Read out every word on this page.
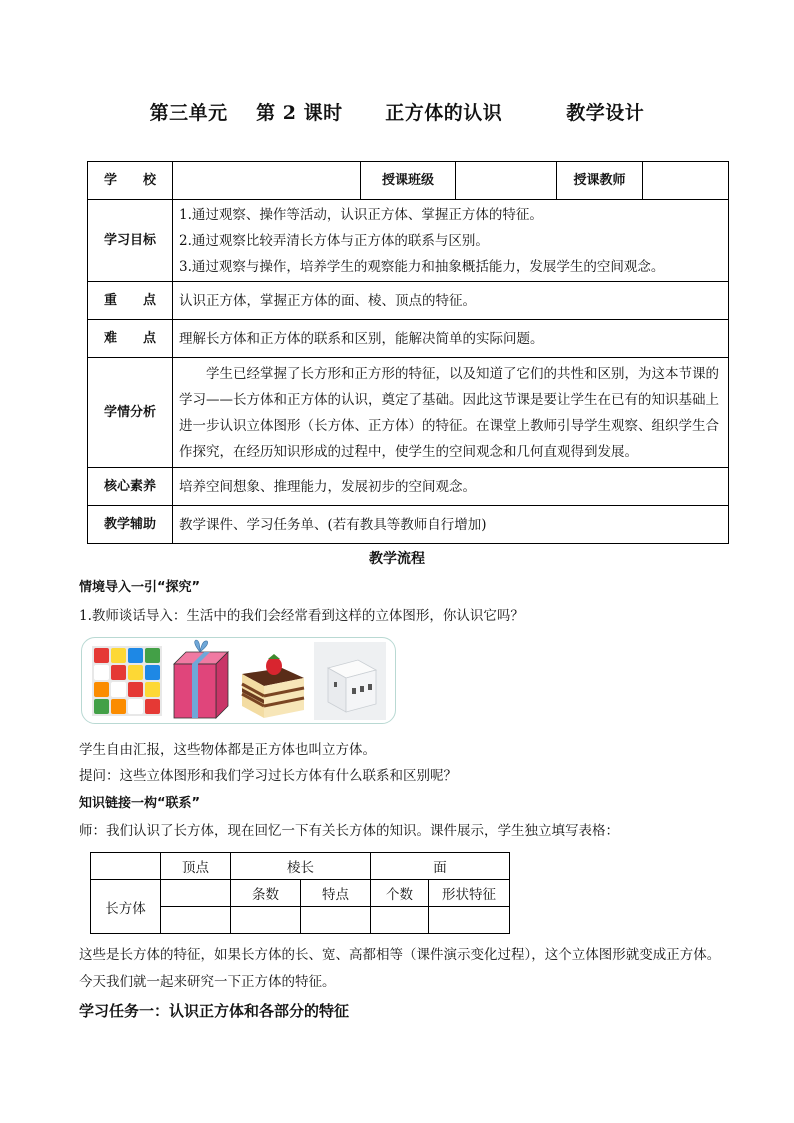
第三单元    第 2 课时      正方体的认识         教学设计
学　　校		授课班级		授课教师	
学习目标	1.通过观察、操作等活动，认识正方体、掌握正方体的特征。
2.通过观察比较弄清长方体与正方体的联系与区别。
3.通过观察与操作，培养学生的观察能力和抽象概括能力，发展学生的空间观念。				

重　　点	认识正方体，掌握正方体的面、棱、顶点的特征。				
难　　点	理解长方体和正方体的联系和区别，能解决简单的实际问题。				
学情分析	学生已经掌握了长方形和正方形的特征，以及知道了它们的共性和区别，为这本节课的学习——长方体和正方体的认识，奠定了基础。因此这节课是要让学生在已有的知识基础上进一步认识立体图形（长方体、正方体）的特征。在课堂上教师引导学生观察、组织学生合作探究，在经历知识形成的过程中，使学生的空间观念和几何直观得到发展。				
核心素养	培养空间想象、推理能力，发展初步的空间观念。				
教学辅助	教学课件、学习任务单、(若有教具等教师自行增加)				
教学流程
情境导入一引“探究”
1.教师谈话导入：生活中的我们会经常看到这样的立体图形，你认识它吗？
学生自由汇报，这些物体都是正方体也叫立方体。
提问：这些立体图形和我们学习过长方体有什么联系和区别呢？
知识链接一构“联系”
师：我们认识了长方体，现在回忆一下有关长方体的知识。课件展示，学生独立填写表格：
	顶点	棱长		面	
长方体		条数	特点	个数	形状特征

这些是长方体的特征，如果长方体的长、宽、高都相等（课件演示变化过程），这个立体图形就变成正方体。今天我们就一起来研究一下正方体的特征。
学习任务一：认识正方体和各部分的特征
